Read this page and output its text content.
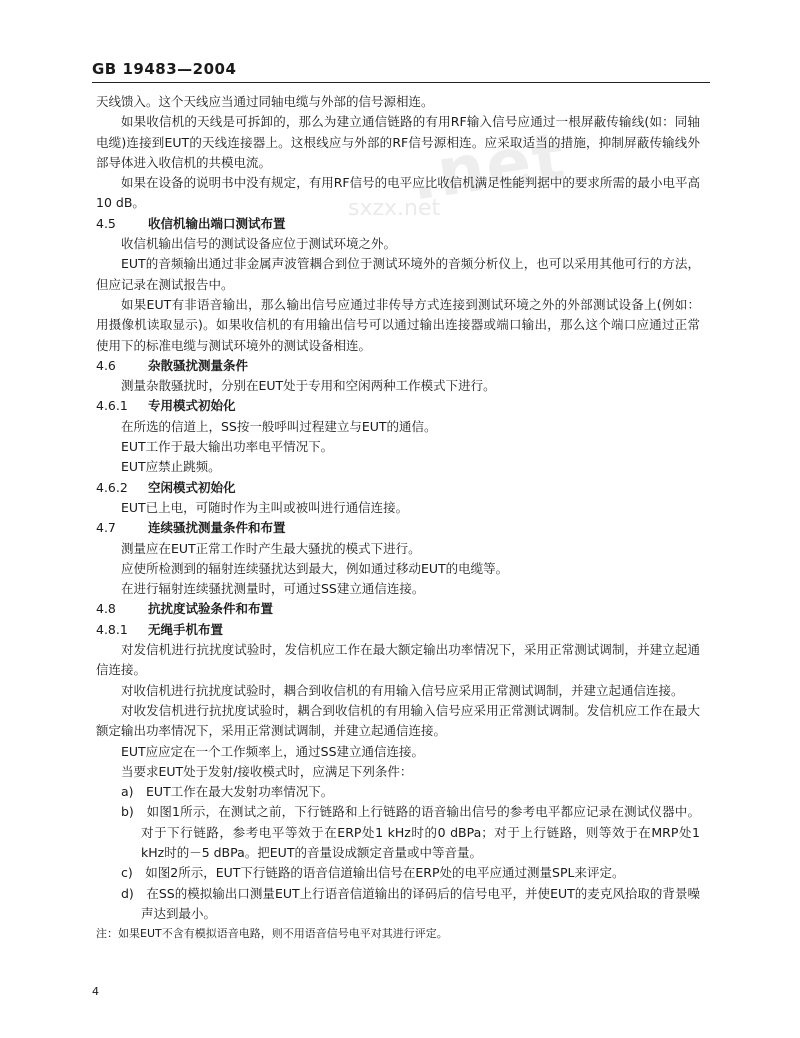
GB 19483—2004
.net
sxzx.net

天线馈入。这个天线应当通过同轴电缆与外部的信号源相连。

如果收信机的天线是可拆卸的，那么为建立通信链路的有用RF输入信号应通过一根屏蔽传输线(如：同轴电缆)连接到EUT的天线连接器上。这根线应与外部的RF信号源相连。应采取适当的措施，抑制屏蔽传输线外部导体进入收信机的共模电流。

如果在设备的说明书中没有规定，有用RF信号的电平应比收信机满足性能判据中的要求所需的最小电平高10 dB。

4.5	收信机输出端口测试布置

收信机输出信号的测试设备应位于测试环境之外。

EUT的音频输出通过非金属声波管耦合到位于测试环境外的音频分析仪上，也可以采用其他可行的方法，但应记录在测试报告中。

如果EUT有非语音输出，那么输出信号应通过非传导方式连接到测试环境之外的外部测试设备上(例如：用摄像机读取显示)。如果收信机的有用输出信号可以通过输出连接器或端口输出，那么这个端口应通过正常使用下的标准电缆与测试环境外的测试设备相连。

4.6	杂散骚扰测量条件

测量杂散骚扰时，分别在EUT处于专用和空闲两种工作模式下进行。

4.6.1 专用模式初始化

在所选的信道上，SS按一般呼叫过程建立与EUT的通信。

EUT工作于最大输出功率电平情况下。

EUT应禁止跳频。

4.6.2 空闲模式初始化

EUT已上电，可随时作为主叫或被叫进行通信连接。

4.7	连续骚扰测量条件和布置

测量应在EUT正常工作时产生最大骚扰的模式下进行。

应使所检测到的辐射连续骚扰达到最大，例如通过移动EUT的电缆等。

在进行辐射连续骚扰测量时，可通过SS建立通信连接。

4.8	抗扰度试验条件和布置

4.8.1 无绳手机布置

对发信机进行抗扰度试验时，发信机应工作在最大额定输出功率情况下，采用正常测试调制，并建立起通信连接。

对收信机进行抗扰度试验时，耦合到收信机的有用输入信号应采用正常测试调制，并建立起通信连接。

对收发信机进行抗扰度试验时，耦合到收信机的有用输入信号应采用正常测试调制。发信机应工作在最大额定输出功率情况下，采用正常测试调制，并建立起通信连接。

EUT应应定在一个工作频率上，通过SS建立通信连接。

当要求EUT处于发射/接收模式时，应满足下列条件：

a)　EUT工作在最大发射功率情况下。

b)　如图1所示，在测试之前，下行链路和上行链路的语音输出信号的参考电平都应记录在测试仪器中。对于下行链路，参考电平等效于在ERP处1 kHz时的0 dBPa；对于上行链路，则等效于在MRP处1 kHz时的－5 dBPa。把EUT的音量设成额定音量或中等音量。

c)　如图2所示，EUT下行链路的语音信道输出信号在ERP处的电平应通过测量SPL来评定。

d)　在SS的模拟输出口测量EUT上行语音信道输出的译码后的信号电平，并使EUT的麦克风拾取的背景噪声达到最小。

注：如果EUT不含有模拟语音电路，则不用语音信号电平对其进行评定。

4
